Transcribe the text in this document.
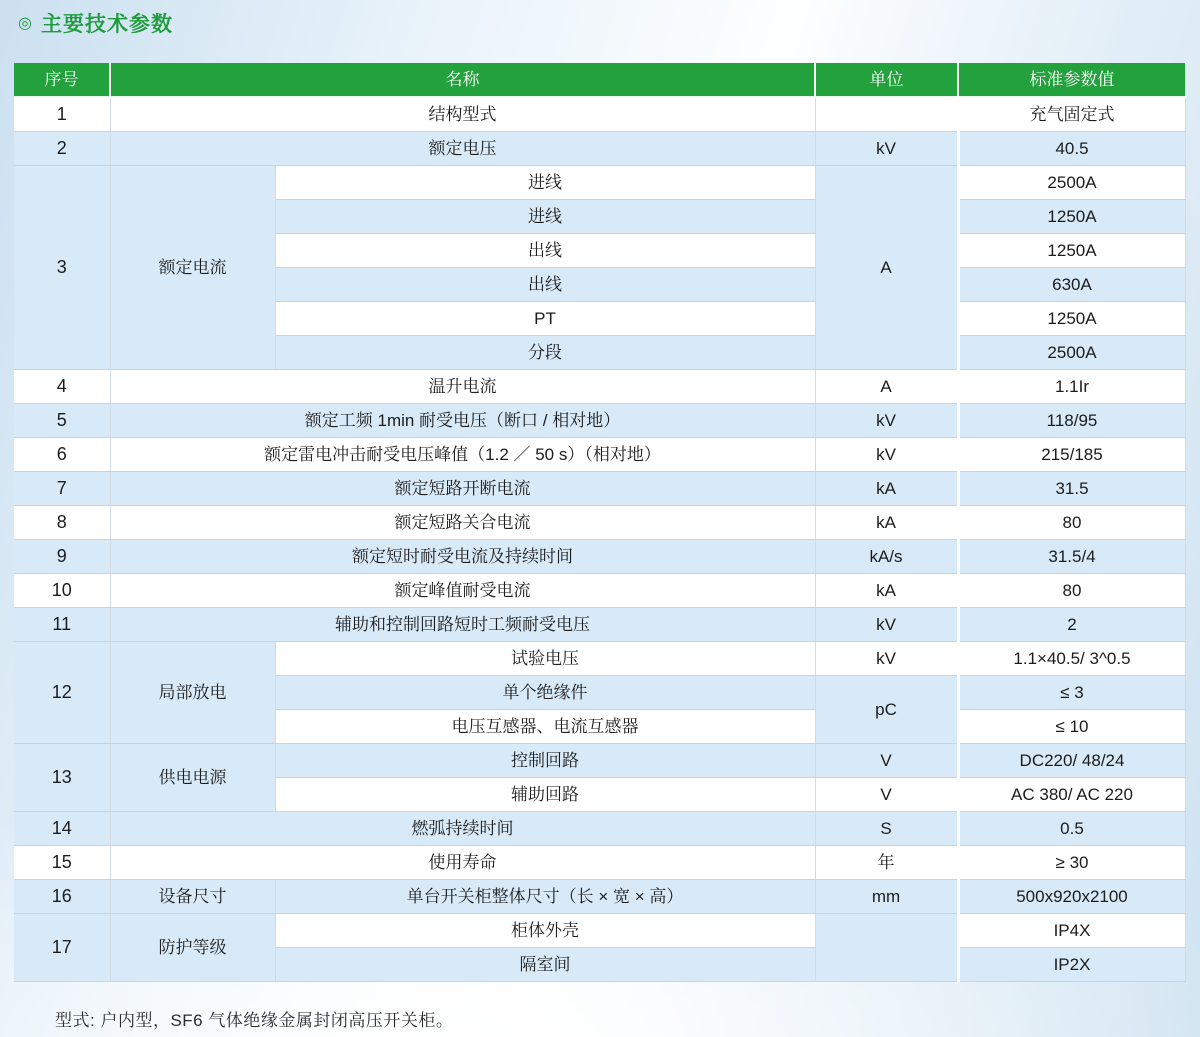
◎ 主要技术参数
序号	名称		单位	标准参数值
1	结构型式			充气固定式
2	额定电压		kV	40.5
3	额定电流	进线	A	2500A
		进线		1250A
		出线		1250A
		出线		630A
		PT		1250A
		分段		2500A
4	温升电流		A	1.1Ir
5	额定工频 1min 耐受电压（断口 / 相对地）		kV	118/95
6	额定雷电冲击耐受电压峰值（1.2 ／ 50 s）（相对地）		kV	215/185
7	额定短路开断电流		kA	31.5
8	额定短路关合电流		kA	80
9	额定短时耐受电流及持续时间		kA/s	31.5/4
10	额定峰值耐受电流		kA	80
11	辅助和控制回路短时工频耐受电压		kV	2
12	局部放电	试验电压	kV	1.1×40.5/ 3^0.5
		单个绝缘件	pC	≤ 3
		电压互感器、电流互感器		≤ 10
13	供电电源	控制回路	V	DC220/ 48/24
		辅助回路	V	AC 380/ AC 220
14	燃弧持续时间		S	0.5
15	使用寿命		年	≥ 30
16	设备尺寸	单台开关柜整体尺寸（长 × 宽 × 高）	mm	500x920x2100
17	防护等级	柜体外壳		IP4X
		隔室间		IP2X
型式: 户内型，SF6 气体绝缘金属封闭高压开关柜。
